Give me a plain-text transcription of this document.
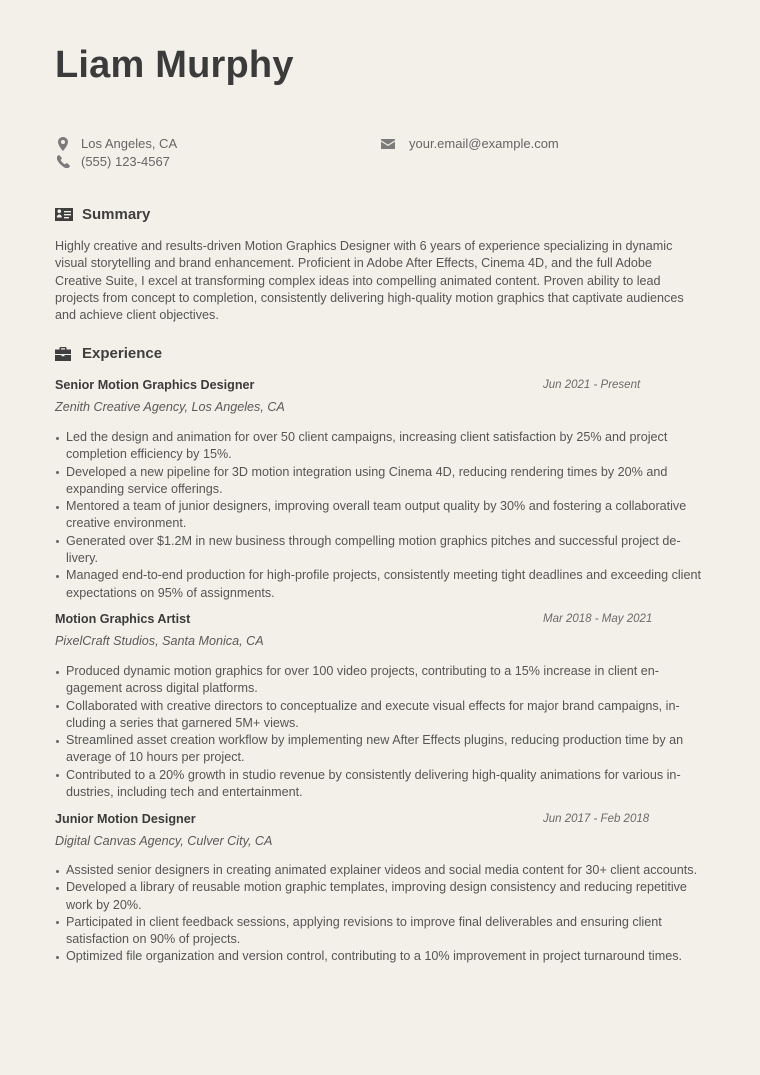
Liam Murphy
Los Angeles, CA
(555) 123-4567
your.email@example.com
Summary
Highly creative and results-driven Motion Graphics Designer with 6 years of experience specializing in dynamic visual storytelling and brand enhancement. Proficient in Adobe After Effects, Cinema 4D, and the full Adobe Creative Suite, I excel at transforming complex ideas into compelling animated content. Proven ability to lead projects from concept to completion, consistently delivering high-quality motion graphics that captivate audiences and achieve client objectives.
Experience
Senior Motion Graphics Designer	Jun 2021 - Present
Zenith Creative Agency, Los Angeles, CA
Led the design and animation for over 50 client campaigns, increasing client satisfaction by 25% and project completion efficiency by 15%.
Developed a new pipeline for 3D motion integration using Cinema 4D, reducing rendering times by 20% and expanding service offerings.
Mentored a team of junior designers, improving overall team output quality by 30% and fostering a collaborative creative environment.
Generated over $1.2M in new business through compelling motion graphics pitches and successful project delivery.
Managed end-to-end production for high-profile projects, consistently meeting tight deadlines and exceeding client expectations on 95% of assignments.
Motion Graphics Artist	Mar 2018 - May 2021
PixelCraft Studios, Santa Monica, CA
Produced dynamic motion graphics for over 100 video projects, contributing to a 15% increase in client engagement across digital platforms.
Collaborated with creative directors to conceptualize and execute visual effects for major brand campaigns, including a series that garnered 5M+ views.
Streamlined asset creation workflow by implementing new After Effects plugins, reducing production time by an average of 10 hours per project.
Contributed to a 20% growth in studio revenue by consistently delivering high-quality animations for various industries, including tech and entertainment.
Junior Motion Designer	Jun 2017 - Feb 2018
Digital Canvas Agency, Culver City, CA
Assisted senior designers in creating animated explainer videos and social media content for 30+ client accounts.
Developed a library of reusable motion graphic templates, improving design consistency and reducing repetitive work by 20%.
Participated in client feedback sessions, applying revisions to improve final deliverables and ensuring client satisfaction on 90% of projects.
Optimized file organization and version control, contributing to a 10% improvement in project turnaround times.
